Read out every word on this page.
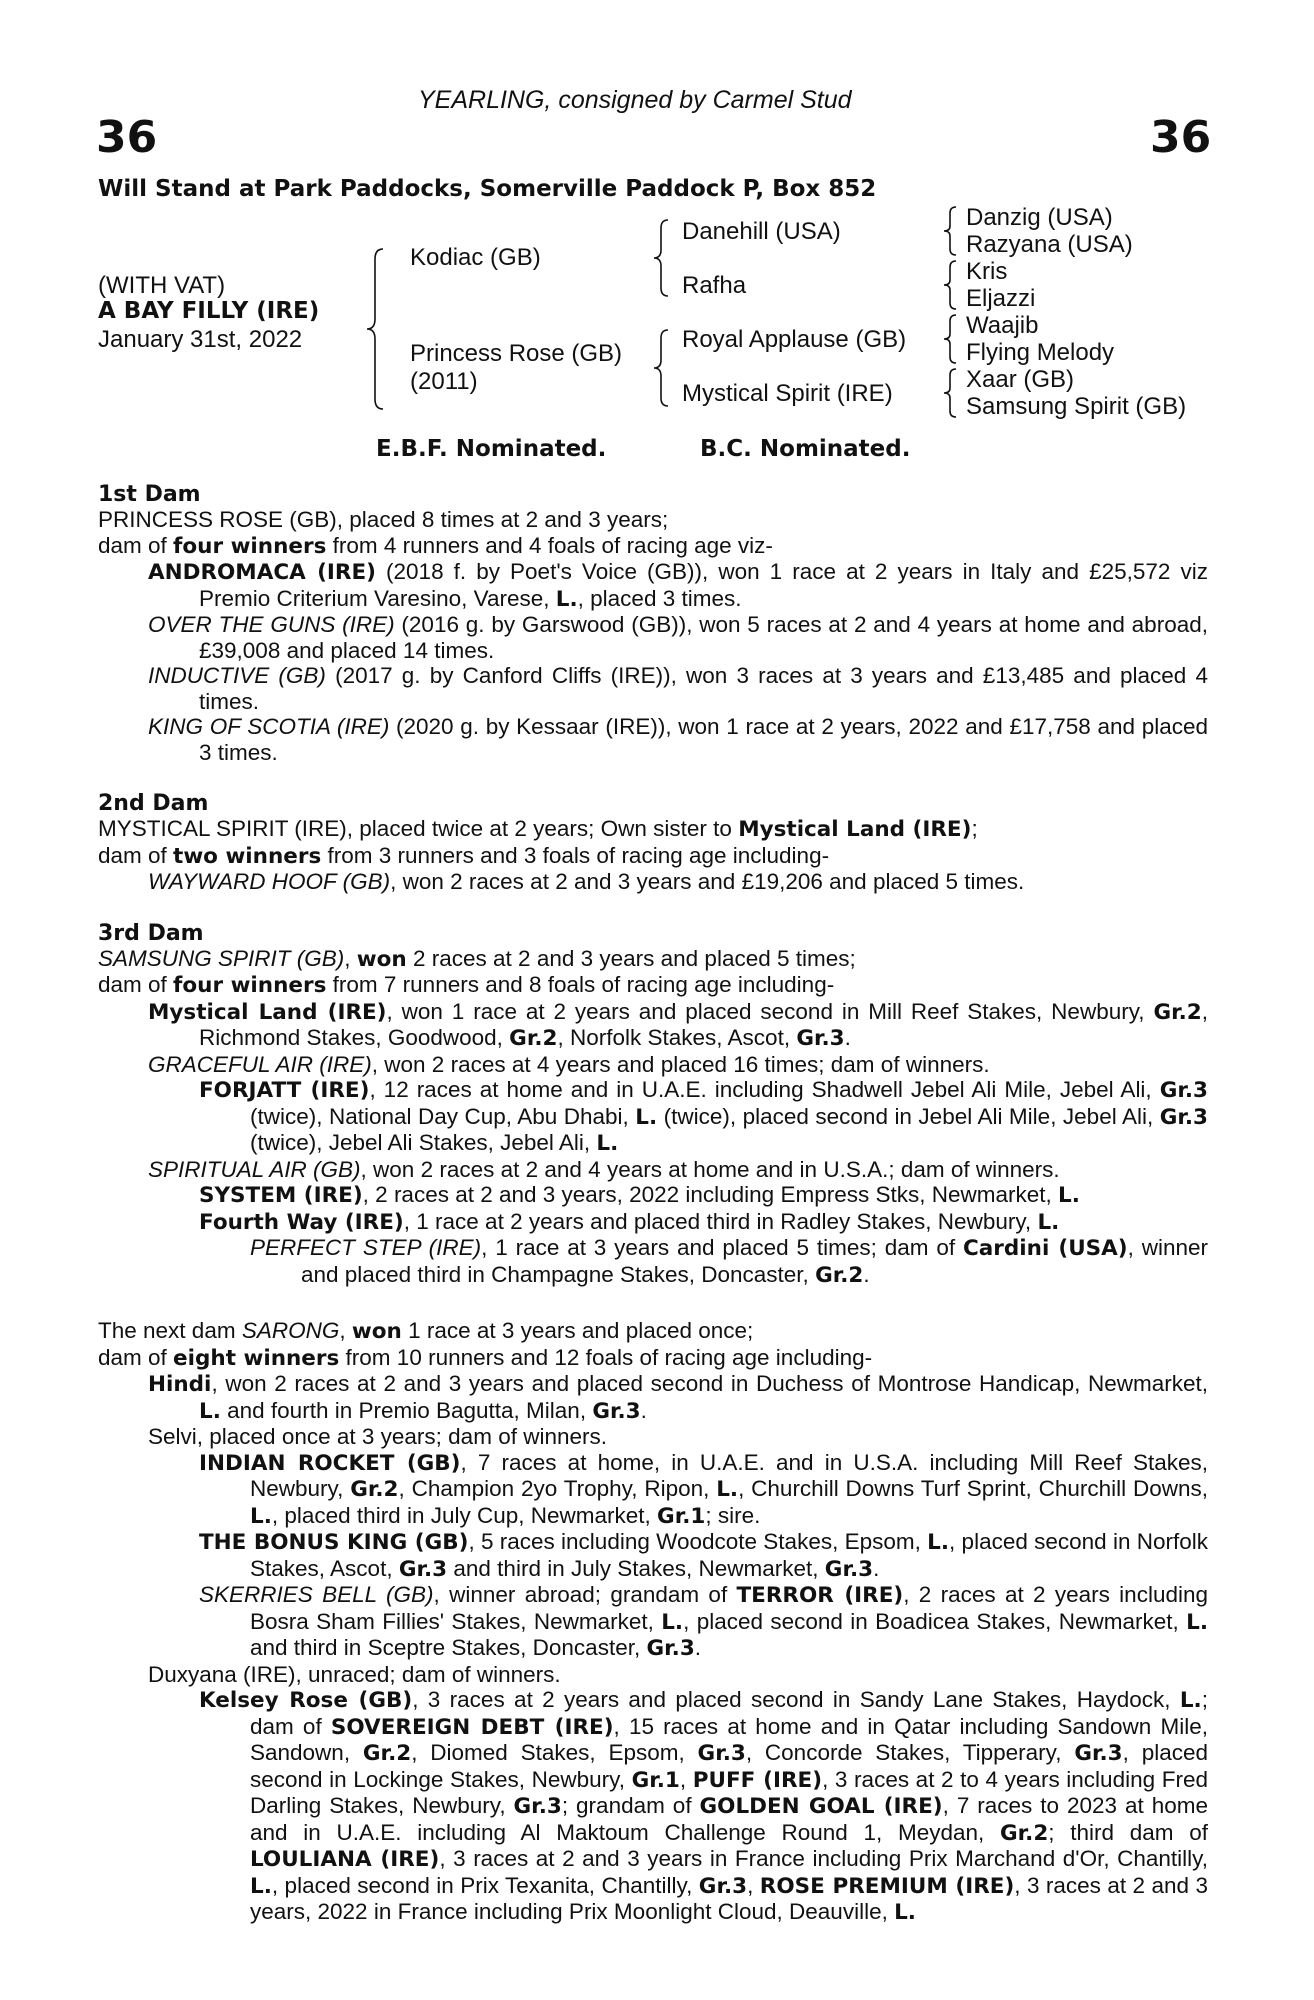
YEARLING, consigned by Carmel Stud
36	36
Will Stand at Park Paddocks, Somerville Paddock P, Box 852
(WITH VAT)
A BAY FILLY (IRE)
January 31st, 2022
Kodiac (GB)
Princess Rose (GB)
(2011)
Danehill (USA)
Rafha
Royal Applause (GB)
Mystical Spirit (IRE)
Danzig (USA)
Razyana (USA)
Kris
Eljazzi
Waajib
Flying Melody
Xaar (GB)
Samsung Spirit (GB)
E.B.F. Nominated.	B.C. Nominated.
1st Dam

PRINCESS ROSE (GB), placed 8 times at 2 and 3 years;

dam of four winners from 4 runners and 4 foals of racing age viz-

ANDROMACA (IRE) (2018 f. by Poet's Voice (GB)), won 1 race at 2 years in Italy and £25,572 viz Premio Criterium Varesino, Varese, L., placed 3 times.

OVER THE GUNS (IRE) (2016 g. by Garswood (GB)), won 5 races at 2 and 4 years at home and abroad, £39,008 and placed 14 times.

INDUCTIVE (GB) (2017 g. by Canford Cliffs (IRE)), won 3 races at 3 years and £13,485 and placed 4 times.

KING OF SCOTIA (IRE) (2020 g. by Kessaar (IRE)), won 1 race at 2 years, 2022 and £17,758 and placed 3 times.

2nd Dam

MYSTICAL SPIRIT (IRE), placed twice at 2 years; Own sister to Mystical Land (IRE);

dam of two winners from 3 runners and 3 foals of racing age including-

WAYWARD HOOF (GB), won 2 races at 2 and 3 years and £19,206 and placed 5 times.

3rd Dam

SAMSUNG SPIRIT (GB), won 2 races at 2 and 3 years and placed 5 times;

dam of four winners from 7 runners and 8 foals of racing age including-

Mystical Land (IRE), won 1 race at 2 years and placed second in Mill Reef Stakes, Newbury, Gr.2, Richmond Stakes, Goodwood, Gr.2, Norfolk Stakes, Ascot, Gr.3.

GRACEFUL AIR (IRE), won 2 races at 4 years and placed 16 times; dam of winners.

FORJATT (IRE), 12 races at home and in U.A.E. including Shadwell Jebel Ali Mile, Jebel Ali, Gr.3 (twice), National Day Cup, Abu Dhabi, L. (twice), placed second in Jebel Ali Mile, Jebel Ali, Gr.3 (twice), Jebel Ali Stakes, Jebel Ali, L.

SPIRITUAL AIR (GB), won 2 races at 2 and 4 years at home and in U.S.A.; dam of winners.

SYSTEM (IRE), 2 races at 2 and 3 years, 2022 including Empress Stks, Newmarket, L.

Fourth Way (IRE), 1 race at 2 years and placed third in Radley Stakes, Newbury, L.

PERFECT STEP (IRE), 1 race at 3 years and placed 5 times; dam of Cardini (USA), winner and placed third in Champagne Stakes, Doncaster, Gr.2.

The next dam SARONG, won 1 race at 3 years and placed once;

dam of eight winners from 10 runners and 12 foals of racing age including-

Hindi, won 2 races at 2 and 3 years and placed second in Duchess of Montrose Handicap, Newmarket, L. and fourth in Premio Bagutta, Milan, Gr.3.

Selvi, placed once at 3 years; dam of winners.

INDIAN ROCKET (GB), 7 races at home, in U.A.E. and in U.S.A. including Mill Reef Stakes, Newbury, Gr.2, Champion 2yo Trophy, Ripon, L., Churchill Downs Turf Sprint, Churchill Downs, L., placed third in July Cup, Newmarket, Gr.1; sire.

THE BONUS KING (GB), 5 races including Woodcote Stakes, Epsom, L., placed second in Norfolk Stakes, Ascot, Gr.3 and third in July Stakes, Newmarket, Gr.3.

SKERRIES BELL (GB), winner abroad; grandam of TERROR (IRE), 2 races at 2 years including Bosra Sham Fillies' Stakes, Newmarket, L., placed second in Boadicea Stakes, Newmarket, L. and third in Sceptre Stakes, Doncaster, Gr.3.

Duxyana (IRE), unraced; dam of winners.

Kelsey Rose (GB), 3 races at 2 years and placed second in Sandy Lane Stakes, Haydock, L.; dam of SOVEREIGN DEBT (IRE), 15 races at home and in Qatar including Sandown Mile, Sandown, Gr.2, Diomed Stakes, Epsom, Gr.3, Concorde Stakes, Tipperary, Gr.3, placed second in Lockinge Stakes, Newbury, Gr.1, PUFF (IRE), 3 races at 2 to 4 years including Fred Darling Stakes, Newbury, Gr.3; grandam of GOLDEN GOAL (IRE), 7 races to 2023 at home and in U.A.E. including Al Maktoum Challenge Round 1, Meydan, Gr.2; third dam of LOULIANA (IRE), 3 races at 2 and 3 years in France including Prix Marchand d'Or, Chantilly, L., placed second in Prix Texanita, Chantilly, Gr.3, ROSE PREMIUM (IRE), 3 races at 2 and 3 years, 2022 in France including Prix Moonlight Cloud, Deauville, L.
